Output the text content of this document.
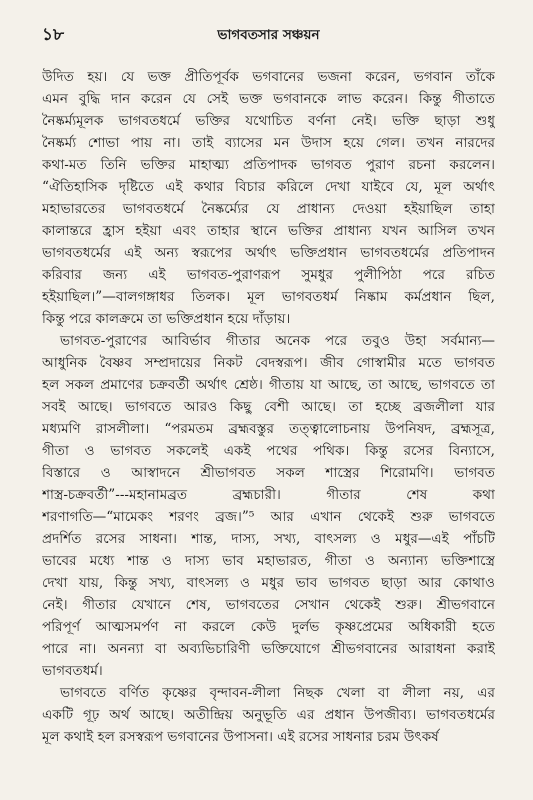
১৮	ভাগবতসার সঞ্চয়ন
উদিত হয়। যে ভক্ত প্রীতিপূর্বক ভগবানের ভজনা করেন, ভগবান তাঁকে
এমন বুদ্ধি দান করেন যে সেই ভক্ত ভগবানকে লাভ করেন। কিন্তু গীতাতে
নৈষ্কর্ম্যমূলক ভাগবতধর্মে ভক্তির যথোচিত বর্ণনা নেই। ভক্তি ছাড়া শুধু
নৈষ্কর্ম্য শোভা পায় না। তাই ব্যাসের মন উদাস হয়ে গেল। তখন নারদের
কথা-মত তিনি ভক্তির মাহাত্ম্য প্রতিপাদক ভাগবত পুরাণ রচনা করলেন।
“ঐতিহাসিক দৃষ্টিতে এই কথার বিচার করিলে দেখা যাইবে যে, মূল অর্থাৎ
মহাভারতের ভাগবতধর্মে নৈষ্কর্ম্যের যে প্রাধান্য দেওয়া হইয়াছিল তাহা
কালান্তরে হ্রাস হইয়া এবং তাহার স্থানে ভক্তির প্রাধান্য যখন আসিল তখন
ভাগবতধর্মের এই অন্য স্বরূপের অর্থাৎ ভক্তিপ্রধান ভাগবতধর্মের প্রতিপাদন
করিবার জন্য এই ভাগবত-পুরাণরূপ সুমধুর পুলীপিঠা পরে রচিত
হইয়াছিল।”—বালগঙ্গাধর তিলক। মূল ভাগবতধর্ম নিষ্কাম কর্মপ্রধান ছিল,
কিন্তু পরে কালক্রমে তা ভক্তিপ্রধান হয়ে দাঁড়ায়।
ভাগবত-পুরাণের আবির্ভাব গীতার অনেক পরে তবুও উহা সর্বমান্য—
আধুনিক বৈষ্ণব সম্প্রদায়ের নিকট বেদস্বরূপ। জীব গোস্বামীর মতে ভাগবত
হল সকল প্রমাণের চক্রবর্তী অর্থাৎ শ্রেষ্ঠ। গীতায় যা আছে, তা আছে, ভাগবতে তা
সবই আছে। ভাগবতে আরও কিছু বেশী আছে। তা হচ্ছে ব্রজলীলা যার
মধ্যমণি রাসলীলা। “পরমতম ব্রহ্মবস্তুর তত্ত্বালোচনায় উপনিষদ, ব্রহ্মসূত্র,
গীতা ও ভাগবত সকলেই একই পথের পথিক। কিন্তু রসের বিন্যাসে,
বিস্তারে ও আস্বাদনে শ্রীভাগবত সকল শাস্ত্রের শিরোমণি। ভাগবত
শাস্ত্র-চক্রবর্তী”---মহানামব্রত ব্রহ্মচারী। গীতার শেষ কথা
শরণাগতি—“মামেকং শরণং ব্রজ।”⁵ আর এখান থেকেই শুরু ভাগবতে
প্রদর্শিত রসের সাধনা। শান্ত, দাস্য, সখ্য, বাৎসল্য ও মধুর—এই পাঁচটি
ভাবের মধ্যে শান্ত ও দাস্য ভাব মহাভারত, গীতা ও অন্যান্য ভক্তিশাস্ত্রে
দেখা যায়, কিন্তু সখ্য, বাৎসল্য ও মধুর ভাব ভাগবত ছাড়া আর কোথাও
নেই। গীতার যেখানে শেষ, ভাগবতের সেখান থেকেই শুরু। শ্রীভগবানে
পরিপূর্ণ আত্মসমর্পণ না করলে কেউ দুর্লভ কৃষ্ণপ্রেমের অধিকারী হতে
পারে না। অনন্যা বা অব্যভিচারিণী ভক্তিযোগে শ্রীভগবানের আরাধনা করাই
ভাগবতধর্ম।
ভাগবতে বর্ণিত কৃষ্ণের বৃন্দাবন-লীলা নিছক খেলা বা লীলা নয়, এর
একটি গূঢ় অর্থ আছে। অতীন্দ্রিয় অনুভূতি এর প্রধান উপজীব্য। ভাগবতধর্মের
মূল কথাই হল রসস্বরূপ ভগবানের উপাসনা। এই রসের সাধনার চরম উৎকর্ষ
